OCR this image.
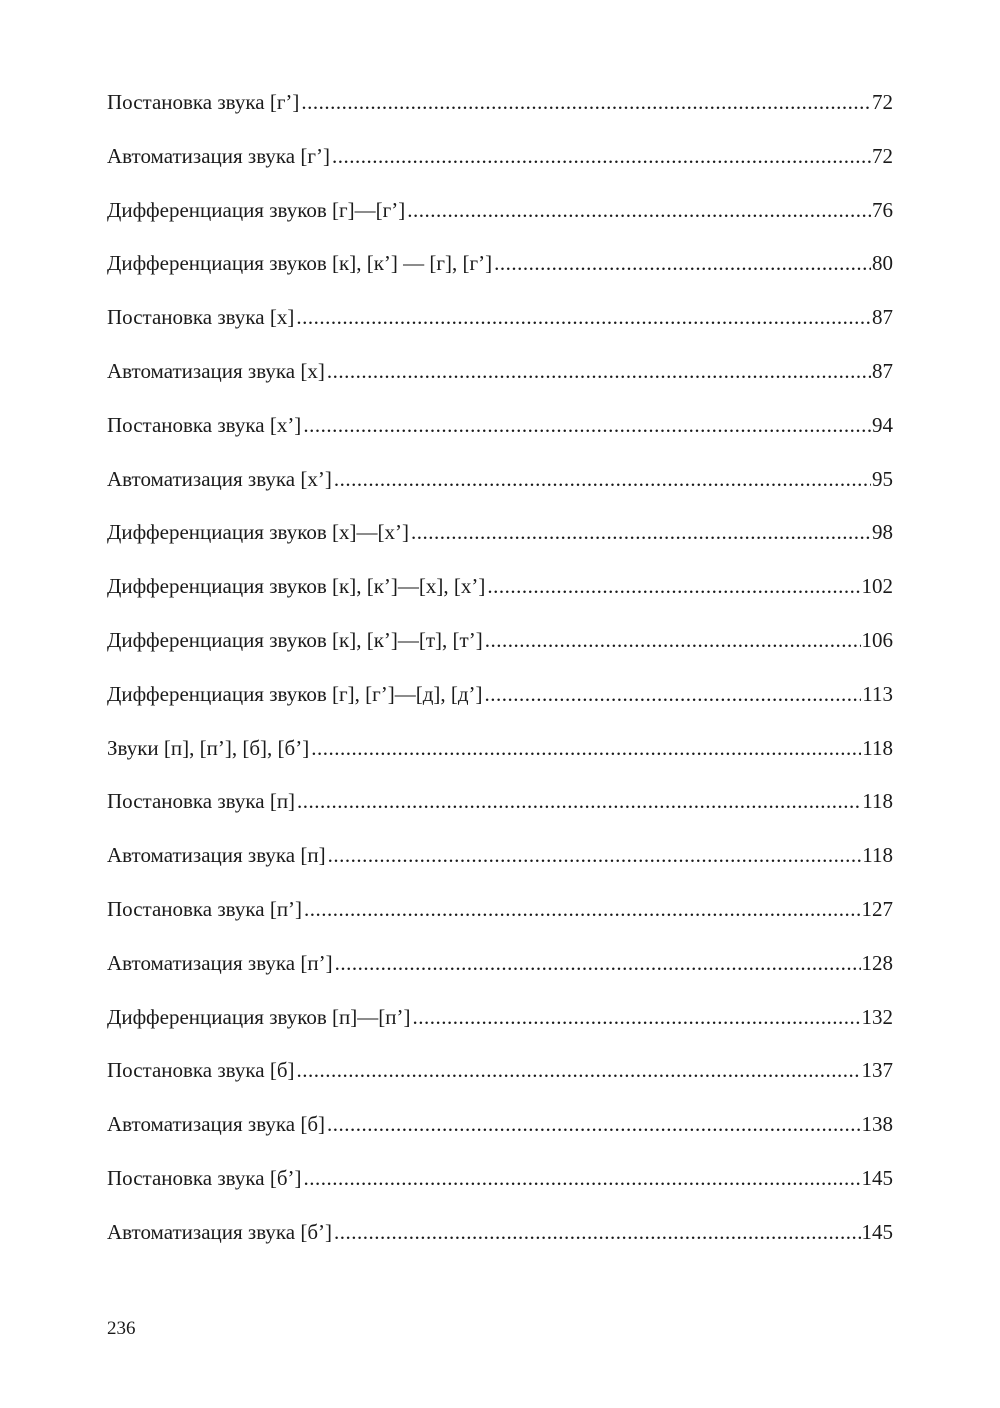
Постановка звука [г’] .....	72
Автоматизация звука [г’] .....	72
Дифференциация звуков [г]—[г’] .....	76
Дифференциация звуков [к], [к’] — [г], [г’] .....	80
Постановка звука [х] .....	87
Автоматизация звука [х] .....	87
Постановка звука [х’] .....	94
Автоматизация звука [х’] .....	95
Дифференциация звуков [х]—[х’] .....	98
Дифференциация звуков [к], [к’]—[х], [х’] .....	102
Дифференциация звуков [к], [к’]—[т], [т’] .....	106
Дифференциация звуков [г], [г’]—[д], [д’] .....	113
Звуки [п], [п’], [б], [б’] .....	118
Постановка звука [п] .....	118
Автоматизация звука [п] .....	118
Постановка звука [п’] .....	127
Автоматизация звука [п’] .....	128
Дифференциация звуков [п]—[п’] .....	132
Постановка звука [б] .....	137
Автоматизация звука [б] .....	138
Постановка звука [б’] .....	145
Автоматизация звука [б’] .....	145
236
